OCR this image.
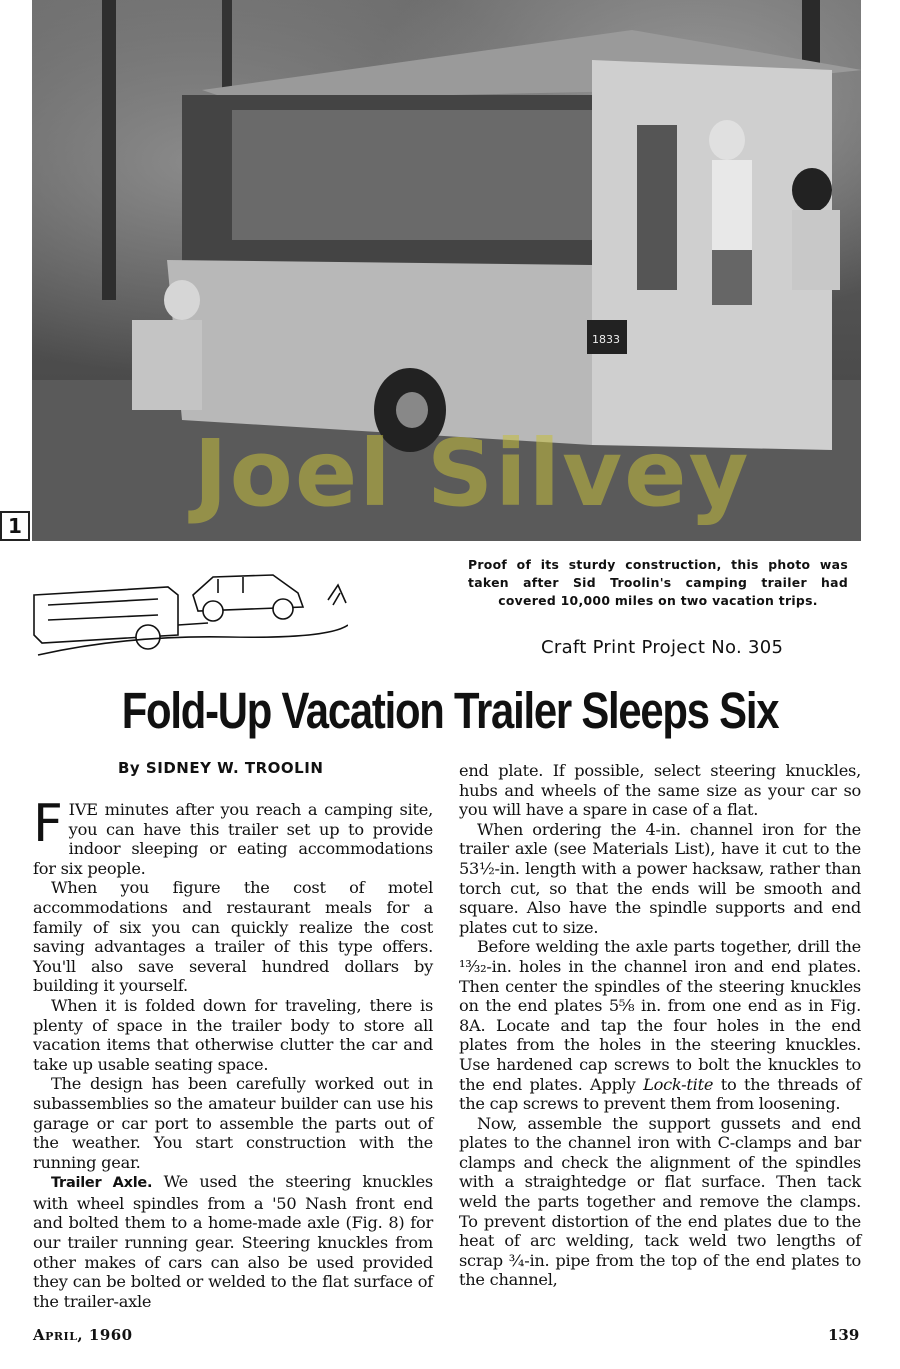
1833
Joel Silvey
1
Proof of its sturdy construction, this photo was taken after Sid Troolin's camping trailer had covered 10,000 miles on two vacation trips.
Craft Print Project No. 305
Fold-Up Vacation Trailer Sleeps Six
By SIDNEY W. TROOLIN

FIVE minutes after you reach a camping site, you can have this trailer set up to provide indoor sleeping or eating accommodations for six people.

When you figure the cost of motel accommodations and restaurant meals for a family of six you can quickly realize the cost saving advantages a trailer of this type offers. You'll also save several hundred dollars by building it yourself.

When it is folded down for traveling, there is plenty of space in the trailer body to store all vacation items that otherwise clutter the car and take up usable seating space.

The design has been carefully worked out in subassemblies so the amateur builder can use his garage or car port to assemble the parts out of the weather. You start construction with the running gear.

Trailer Axle. We used the steering knuckles with wheel spindles from a '50 Nash front end and bolted them to a home-made axle (Fig. 8) for our trailer running gear. Steering knuckles from other makes of cars can also be used provided they can be bolted or welded to the flat surface of the trailer-axle

end plate. If possible, select steering knuckles, hubs and wheels of the same size as your car so you will have a spare in case of a flat.

When ordering the 4-in. channel iron for the trailer axle (see Materials List), have it cut to the 53½-in. length with a power hacksaw, rather than torch cut, so that the ends will be smooth and square. Also have the spindle supports and end plates cut to size.

Before welding the axle parts together, drill the ¹³⁄₃₂-in. holes in the channel iron and end plates. Then center the spindles of the steering knuckles on the end plates 5⅝ in. from one end as in Fig. 8A. Locate and tap the four holes in the end plates from the holes in the steering knuckles. Use hardened cap screws to bolt the knuckles to the end plates. Apply Lock-tite to the threads of the cap screws to prevent them from loosening.

Now, assemble the support gussets and end plates to the channel iron with C-clamps and bar clamps and check the alignment of the spindles with a straightedge or flat surface. Then tack weld the parts together and remove the clamps. To prevent distortion of the end plates due to the heat of arc welding, tack weld two lengths of scrap ¾-in. pipe from the top of the end plates to the channel,

April, 1960	139
